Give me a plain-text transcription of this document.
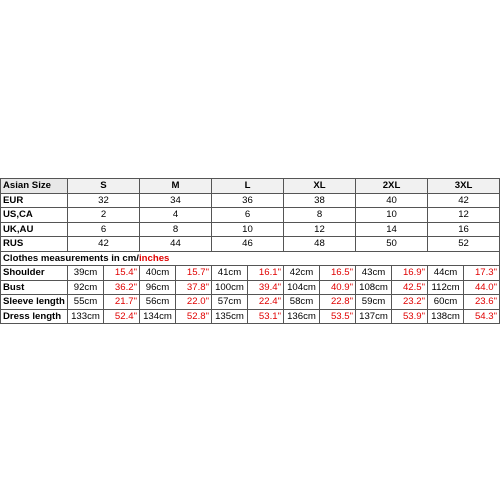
Asian Size	S		M		L		XL		2XL		3XL	
EUR	32		34		36		38		40		42	
US,CA	2		4		6		8		10		12	
UK,AU	6		8		10		12		14		16	
RUS	42		44		46		48		50		52	
Clothes measurements in cm/inches												
Shoulder	39cm	15.4"	40cm	15.7"	41cm	16.1"	42cm	16.5"	43cm	16.9"	44cm	17.3"
Bust	92cm	36.2"	96cm	37.8"	100cm	39.4"	104cm	40.9"	108cm	42.5"	112cm	44.0"
Sleeve length	55cm	21.7"	56cm	22.0"	57cm	22.4"	58cm	22.8"	59cm	23.2"	60cm	23.6"
Dress length	133cm	52.4"	134cm	52.8"	135cm	53.1"	136cm	53.5"	137cm	53.9"	138cm	54.3"
